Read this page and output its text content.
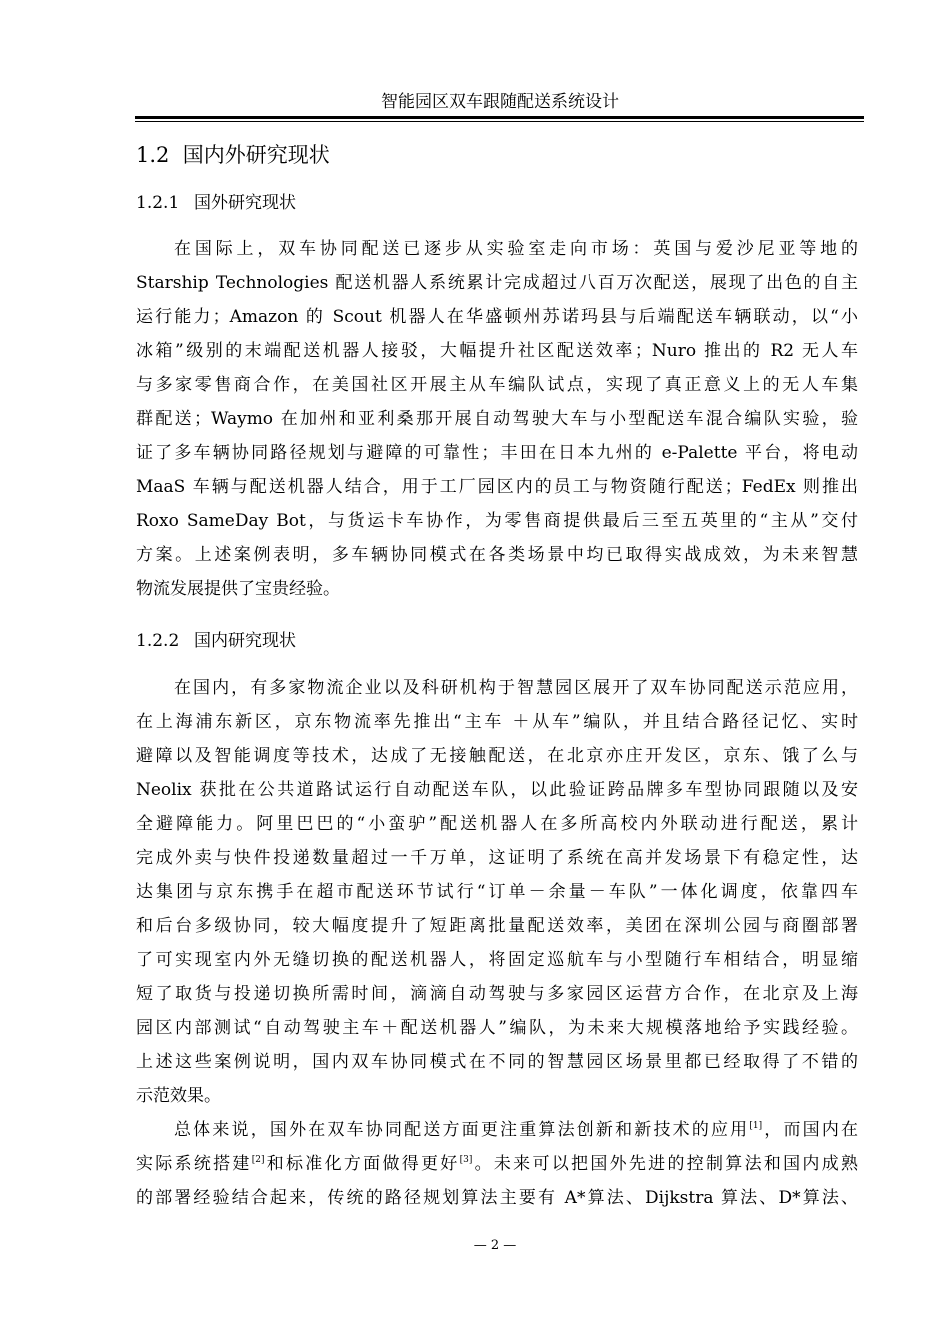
智能园区双车跟随配送系统设计
1.2 国内外研究现状
1.2.1 国外研究现状
在国际上，双车协同配送已逐步从实验室走向市场：英国与爱沙尼亚等地的
Starship Technologies 配送机器人系统累计完成超过八百万次配送，展现了出色的自主
运行能力；Amazon 的 Scout 机器人在华盛顿州苏诺玛县与后端配送车辆联动，以“小
冰箱”级别的末端配送机器人接驳，大幅提升社区配送效率；Nuro 推出的 R2 无人车
与多家零售商合作，在美国社区开展主从车编队试点，实现了真正意义上的无人车集
群配送；Waymo 在加州和亚利桑那开展自动驾驶大车与小型配送车混合编队实验，验
证了多车辆协同路径规划与避障的可靠性；丰田在日本九州的 e-Palette 平台，将电动
MaaS 车辆与配送机器人结合，用于工厂园区内的员工与物资随行配送；FedEx 则推出
Roxo SameDay Bot，与货运卡车协作，为零售商提供最后三至五英里的“主从”交付
方案。上述案例表明，多车辆协同模式在各类场景中均已取得实战成效，为未来智慧
物流发展提供了宝贵经验。
1.2.2 国内研究现状
在国内，有多家物流企业以及科研机构于智慧园区展开了双车协同配送示范应用，
在上海浦东新区，京东物流率先推出“主车 ＋从车”编队，并且结合路径记忆、实时
避障以及智能调度等技术，达成了无接触配送，在北京亦庄开发区，京东、饿了么与
Neolix 获批在公共道路试运行自动配送车队，以此验证跨品牌多车型协同跟随以及安
全避障能力。阿里巴巴的“小蛮驴”配送机器人在多所高校内外联动进行配送，累计
完成外卖与快件投递数量超过一千万单，这证明了系统在高并发场景下有稳定性，达
达集团与京东携手在超市配送环节试行“订单－余量－车队”一体化调度，依靠四车
和后台多级协同，较大幅度提升了短距离批量配送效率，美团在深圳公园与商圈部署
了可实现室内外无缝切换的配送机器人，将固定巡航车与小型随行车相结合，明显缩
短了取货与投递切换所需时间，滴滴自动驾驶与多家园区运营方合作，在北京及上海
园区内部测试“自动驾驶主车＋配送机器人”编队，为未来大规模落地给予实践经验。
上述这些案例说明，国内双车协同模式在不同的智慧园区场景里都已经取得了不错的
示范效果。
总体来说，国外在双车协同配送方面更注重算法创新和新技术的应用[1]，而国内在
实际系统搭建[2]和标准化方面做得更好[3]。未来可以把国外先进的控制算法和国内成熟
的部署经验结合起来，传统的路径规划算法主要有 A*算法、Dijkstra 算法、D*算法、
— 2 —
